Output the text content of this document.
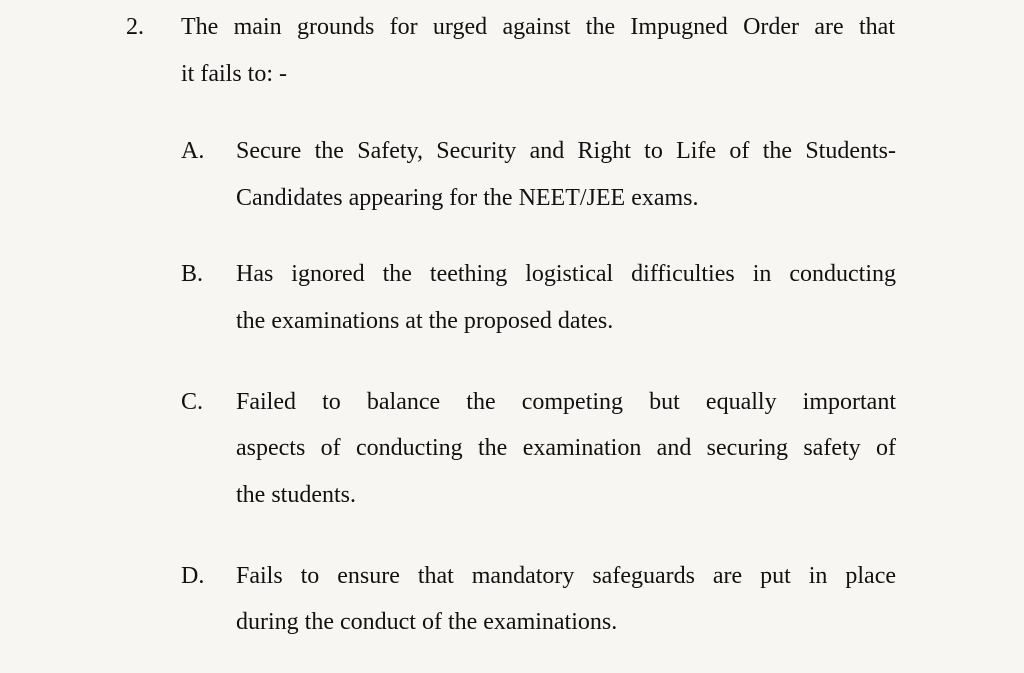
2. The main grounds for urged against the Impugned Order are that
it fails to: -
A. Secure the Safety, Security and Right to Life of the Students-
Candidates appearing for the NEET/JEE exams.
B. Has ignored the teething logistical difficulties in conducting
the examinations at the proposed dates.
C. Failed to balance the competing but equally important
aspects of conducting the examination and securing safety of
the students.
D. Fails to ensure that mandatory safeguards are put in place
during the conduct of the examinations.
